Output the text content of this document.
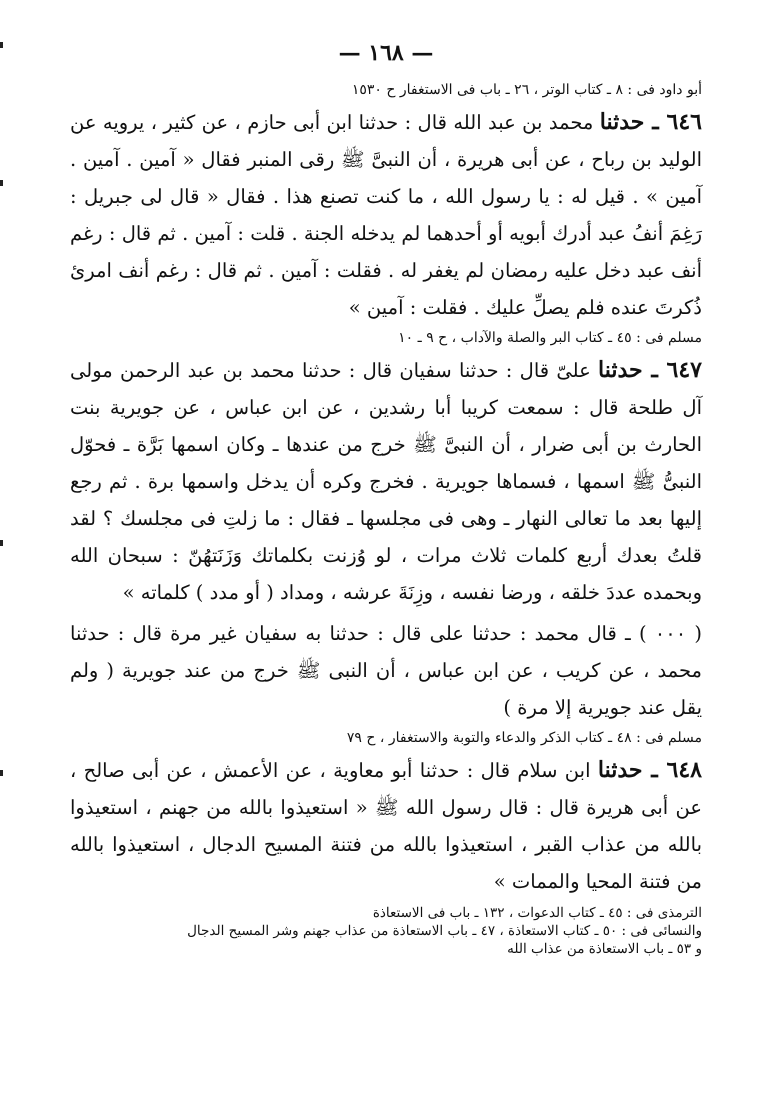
— ١٦٨ —
أبو داود فى : ٨ ـ كتاب الوتر ، ٢٦ ـ باب فى الاستغفار ح ١٥٣٠
٦٤٦ ـ حدثنا محمد بن عبد الله قال : حدثنا ابن أبى حازم ، عن كثير ، يرويه عن الوليد بن رباح ، عن أبى هريرة ، أن النبىَّ ﷺ رقى المنبر فقال « آمين . آمين . آمين » . قيل له : يا رسول الله ، ما كنت تصنع هذا . فقال « قال لى جبريل : رَغِمَ أنفُ عبد أدرك أبويه أو أحدهما لم يدخله الجنة . قلت : آمين . ثم قال : رغم أنف عبد دخل عليه رمضان لم يغفر له . فقلت : آمين . ثم قال : رغم أنف امرئ ذُكرتَ عنده فلم يصلِّ عليك . فقلت : آمين »
مسلم فى : ٤٥ ـ كتاب البر والصلة والآداب ، ح ٩ ـ ١٠
٦٤٧ ـ حدثنا علىّ قال : حدثنا سفيان قال : حدثنا محمد بن عبد الرحمن مولى آل طلحة قال : سمعت كريبا أبا رشدين ، عن ابن عباس ، عن جويرية بنت الحارث بن أبى ضرار ، أن النبىَّ ﷺ خرج من عندها ـ وكان اسمها بَرَّة ـ فحوّل النبىُّ ﷺ اسمها ، فسماها جويرية . فخرج وكره أن يدخل واسمها برة . ثم رجع إليها بعد ما تعالى النهار ـ وهى فى مجلسها ـ فقال : ما زلتِ فى مجلسك ؟ لقد قلتُ بعدك أربع كلمات ثلاث مرات ، لو وُزنت بكلماتك وَزَنَتهُنّ : سبحان الله وبحمده عددَ خلقه ، ورضا نفسه ، وزِنَةَ عرشه ، ومداد ( أو مدد ) كلماته »
( ٠٠٠ ) ـ قال محمد : حدثنا على قال : حدثنا به سفيان غير مرة قال : حدثنا محمد ، عن كريب ، عن ابن عباس ، أن النبى ﷺ خرج من عند جويرية ( ولم يقل عند جويرية إلا مرة )
مسلم فى : ٤٨ ـ كتاب الذكر والدعاء والتوبة والاستغفار ، ح ٧٩
٦٤٨ ـ حدثنا ابن سلام قال : حدثنا أبو معاوية ، عن الأعمش ، عن أبى صالح ، عن أبى هريرة قال : قال رسول الله ﷺ « استعيذوا بالله من جهنم ، استعيذوا بالله من عذاب القبر ، استعيذوا بالله من فتنة المسيح الدجال ، استعيذوا بالله من فتنة المحيا والممات »
الترمذى فى : ٤٥ ـ كتاب الدعوات ، ١٣٢ ـ باب فى الاستعاذة
والنسائى فى : ٥٠ ـ كتاب الاستعاذة ، ٤٧ ـ باب الاستعاذة من عذاب جهنم وشر المسيح الدجال
و ٥٣ ـ باب الاستعاذة من عذاب الله
